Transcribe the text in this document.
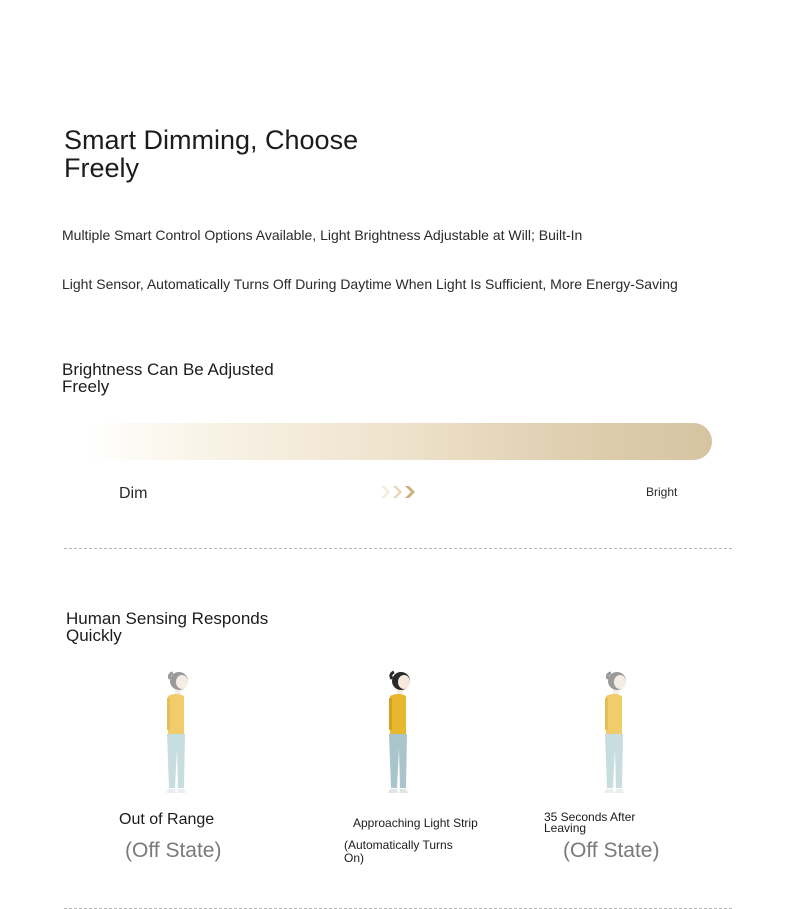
Smart Dimming, Choose Freely

Multiple Smart Control Options Available, Light Brightness Adjustable at Will; Built-In

Light Sensor, Automatically Turns Off During Daytime When Light Is Sufficient, More Energy-Saving

Brightness Can Be Adjusted Freely
Dim	Bright
Human Sensing Responds Quickly

Out of Range

(Off State)

Approaching Light Strip

(Automatically Turns On)

35 Seconds After Leaving

(Off State)
